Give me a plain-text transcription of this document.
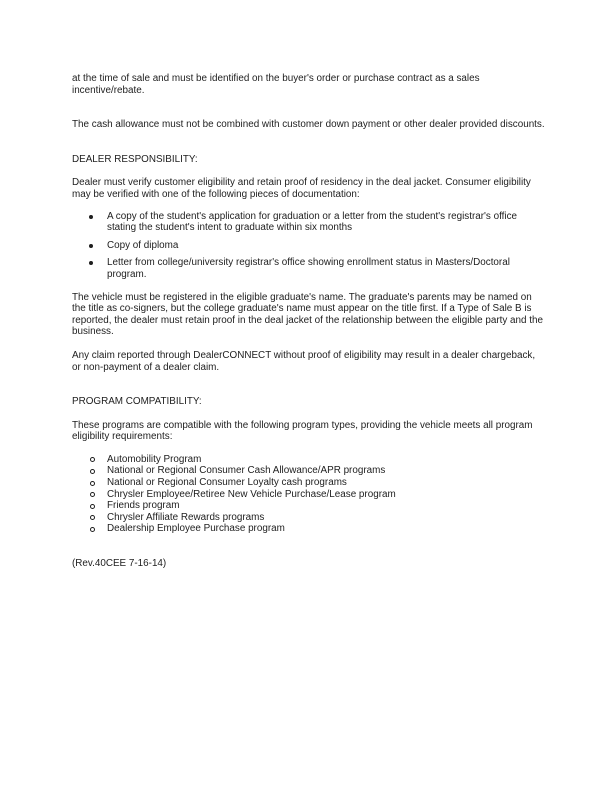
at the time of sale and must be identified on the buyer's order or purchase contract as a sales incentive/rebate.

The cash allowance must not be combined with customer down payment or other dealer provided discounts.

DEALER RESPONSIBILITY:

Dealer must verify customer eligibility and retain proof of residency in the deal jacket. Consumer eligibility may be verified with one of the following pieces of documentation:

A copy of the student's application for graduation or a letter from the student's registrar's office stating the student's intent to graduate within six months
Copy of diploma
Letter from college/university registrar's office showing enrollment status in Masters/Doctoral program.

The vehicle must be registered in the eligible graduate's name. The graduate's parents may be named on the title as co-signers, but the college graduate's name must appear on the title first. If a Type of Sale B is reported, the dealer must retain proof in the deal jacket of the relationship between the eligible party and the business.

Any claim reported through DealerCONNECT without proof of eligibility may result in a dealer chargeback, or non-payment of a dealer claim.

PROGRAM COMPATIBILITY:

These programs are compatible with the following program types, providing the vehicle meets all program eligibility requirements:

Automobility Program
National or Regional Consumer Cash Allowance/APR programs
National or Regional Consumer Loyalty cash programs
Chrysler Employee/Retiree New Vehicle Purchase/Lease program
Friends program
Chrysler Affiliate Rewards programs
Dealership Employee Purchase program

(Rev.40CEE 7-16-14)
